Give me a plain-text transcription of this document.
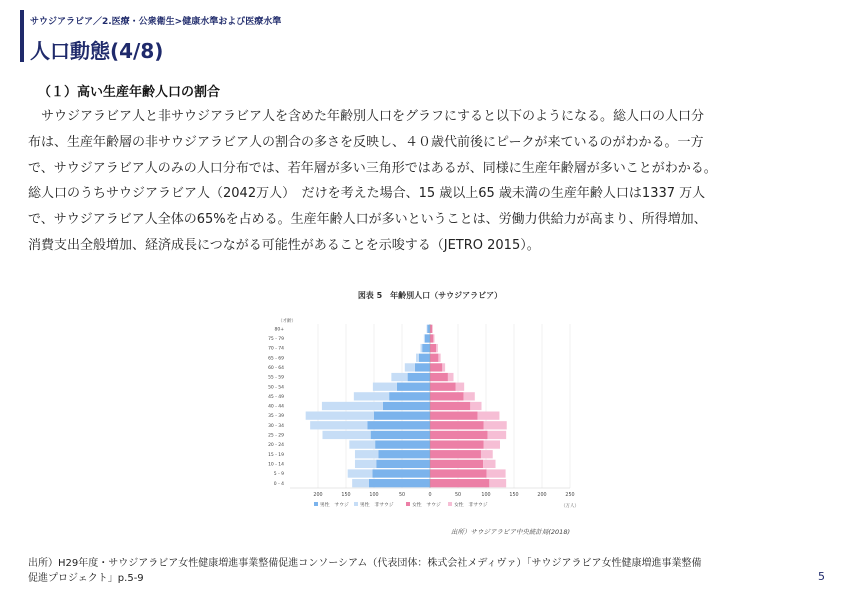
サウジアラビア／2.医療・公衆衛生>健康水準および医療水準
人口動態(4/8)
（１）高い生産年齢人口の割合
　サウジアラビア人と非サウジアラビア人を含めた年齢別人口をグラフにすると以下のようになる。総人口の人口分
布は、生産年齢層の非サウジアラビア人の割合の多さを反映し、４０歳代前後にピークが来ているのがわかる。一方
で、サウジアラビア人のみの人口分布では、若年層が多い三角形ではあるが、同様に生産年齢層が多いことがわかる。
総人口のうちサウジアラビア人（2042万人）　だけを考えた場合、15 歳以上65 歳未満の生産年齢人口は1337 万人
で、サウジアラビア人全体の65%を占める。生産年齢人口が多いということは、労働力供給力が高まり、所得増加、
消費支出全般増加、経済成長につながる可能性があることを示唆する（JETRO 2015）。
図表 5　年齢別人口（サウジアラビア）
（才齢）
（万人）
0 - 4
5 - 9
10 - 14
15 - 19
20 - 24
25 - 29
30 - 34
35 - 39
40 - 44
45 - 49
50 - 54
55 - 59
60 - 64
65 - 69
70 - 74
75 - 79
80+
200	150	100	50	0	50	100	150	200	250
男性　サウジ 男性　非サウジ	女性　サウジ	女性　非サウジ
出所）サウジアラビア中央統計局(2018)
出所）H29年度・サウジアラビア女性健康増進事業整備促進コンソーシアム（代表団体：株式会社メディヴァ）「サウジアラビア女性健康増進事業整備
促進プロジェクト」p.5-9	5
